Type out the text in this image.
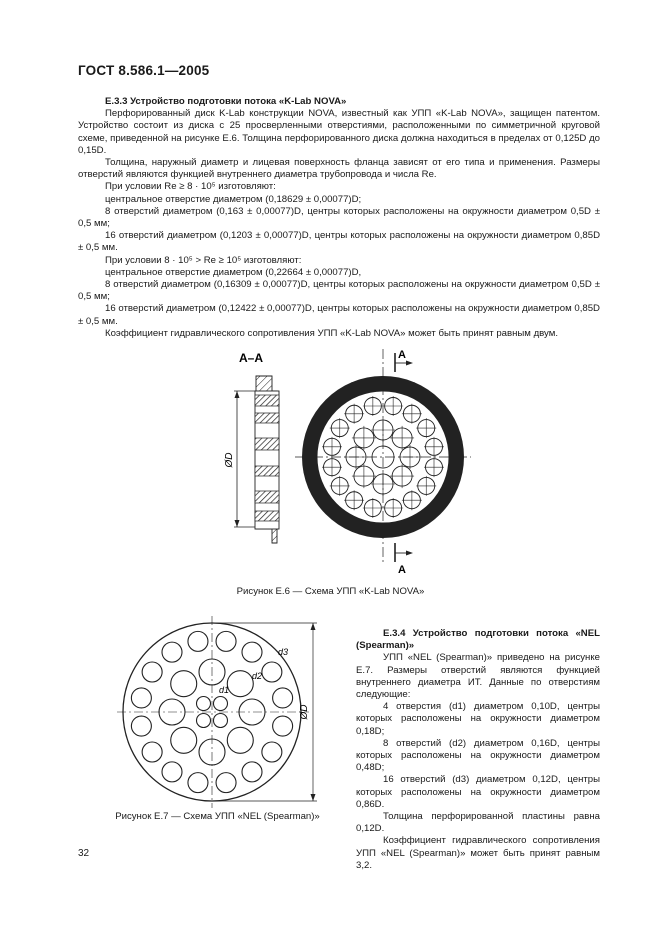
ГОСТ 8.586.1—2005

Е.3.3 Устройство подготовки потока «K-Lab NOVA»

Перфорированный диск K-Lab конструкции NOVA, известный как УПП «K-Lab NOVA», защищен патентом. Устройство состоит из диска с 25 просверленными отверстиями, расположенными по симметричной круговой схеме, приведенной на рисунке Е.6. Толщина перфорированного диска должна находиться в пределах от 0,125D до 0,15D.

Толщина, наружный диаметр и лицевая поверхность фланца зависят от его типа и применения. Размеры отверстий являются функцией внутреннего диаметра трубопровода и числа Re.

При условии Re ≥ 8 · 10⁵ изготовляют:

центральное отверстие диаметром (0,18629 ± 0,00077)D;

8 отверстий диаметром (0,163 ± 0,00077)D, центры которых расположены на окружности диаметром 0,5D ± 0,5 мм;

16 отверстий диаметром (0,1203 ± 0,00077)D, центры которых расположены на окружности диаметром 0,85D ± 0,5 мм.

При условии 8 · 10⁵ > Re ≥ 10⁵ изготовляют:

центральное отверстие диаметром (0,22664 ± 0,00077)D,

8 отверстий диаметром (0,16309 ± 0,00077)D, центры которых расположены на окружности диаметром 0,5D ± 0,5 мм;

16 отверстий диаметром (0,12422 ± 0,00077)D, центры которых расположены на окружности диаметром 0,85D ± 0,5 мм.

Коэффициент гидравлического сопротивления УПП «K-Lab NOVA» может быть принят равным двум.

А–А
ØD
А
А
Рисунок Е.6 — Схема УПП «K-Lab NOVA»
ØD
d1
d2
d3
Рисунок Е.7 — Схема УПП «NEL (Spearman)»

Е.3.4 Устройство подготовки потока «NEL (Spearman)»

УПП «NEL (Spearman)» приведено на рисунке Е.7. Размеры отверстий являются функцией внутреннего диаметра ИТ. Данные по отверстиям следующие:

4 отверстия (d1) диаметром 0,10D, центры которых расположены на окружности диаметром 0,18D;

8 отверстий (d2) диаметром 0,16D, центры которых расположены на окружности диаметром 0,48D;

16 отверстий (d3) диаметром 0,12D, центры которых расположены на окружности диаметром 0,86D.

Толщина перфорированной пластины равна 0,12D.

Коэффициент гидравлического сопротивления УПП «NEL (Spearman)» может быть принят равным 3,2.

32
